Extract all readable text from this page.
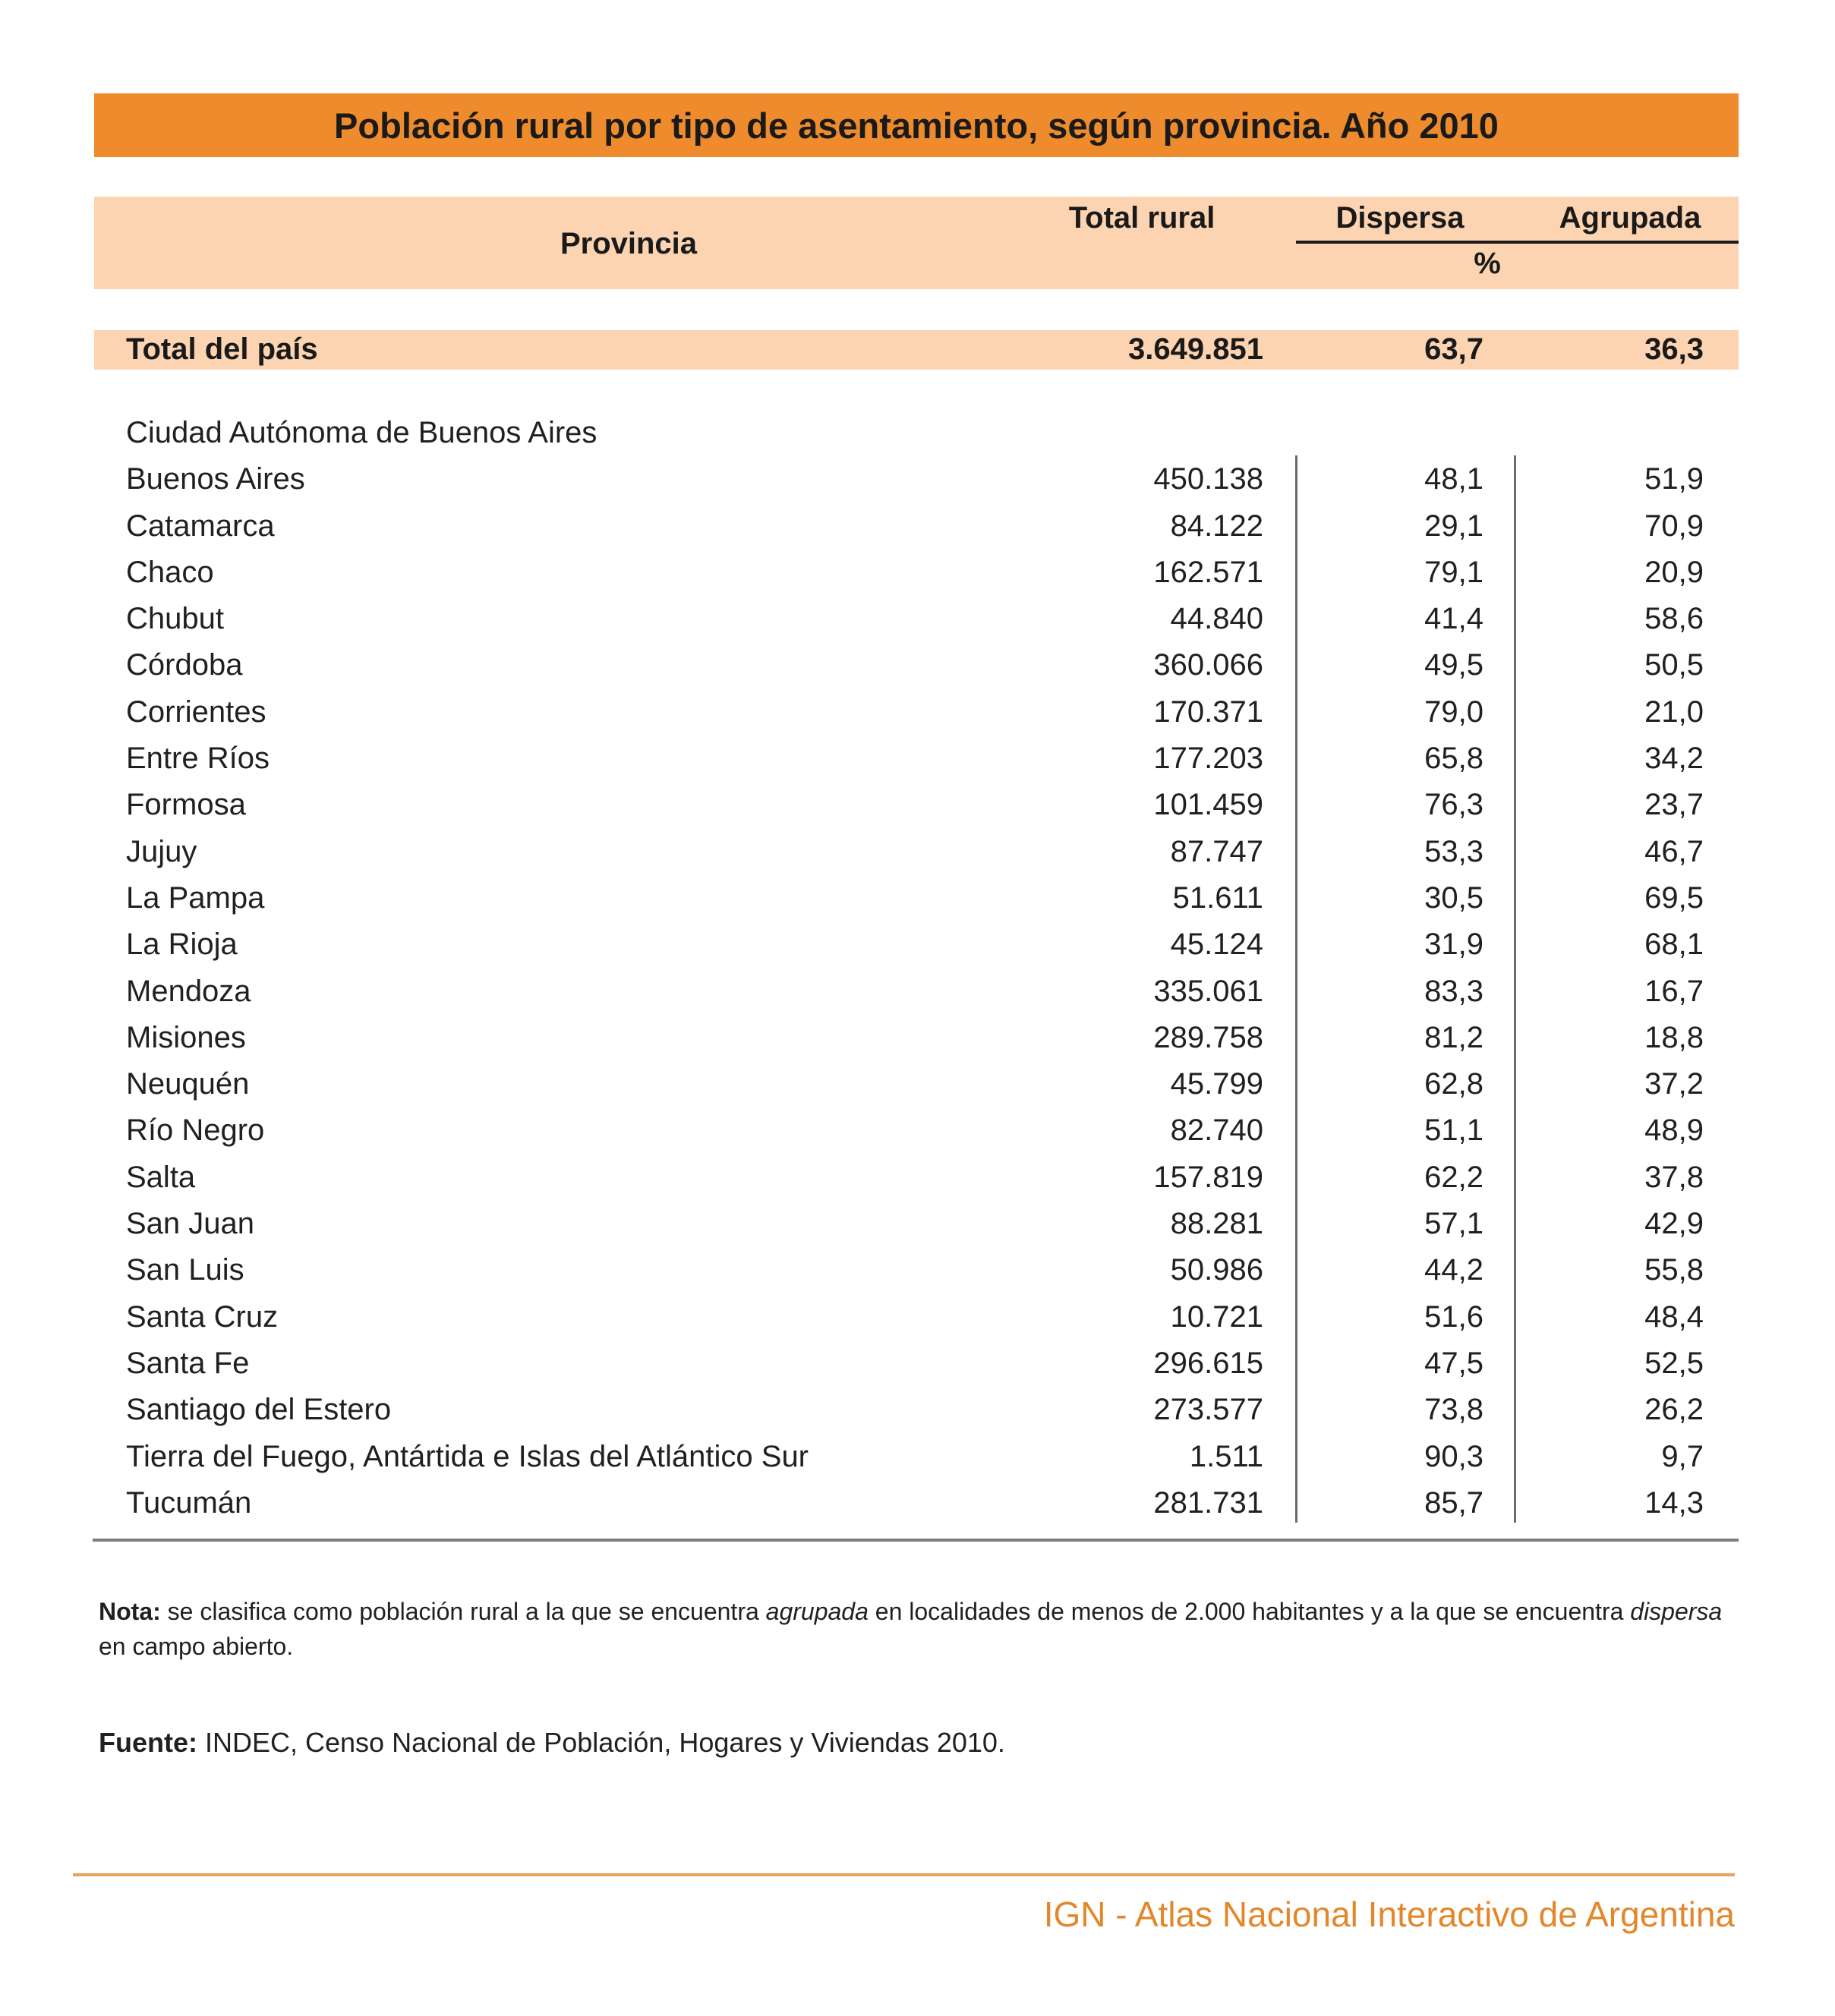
Población rural por tipo de asentamiento, según provincia. Año 2010
Provincia
Total rural	Dispersa	Agrupada
%
Total del país	3.649.851	63,7	36,3
Ciudad Autónoma de Buenos Aires
Buenos Aires	450.138	48,1	51,9
Catamarca	84.122	29,1	70,9
Chaco	162.571	79,1	20,9
Chubut	44.840	41,4	58,6
Córdoba	360.066	49,5	50,5
Corrientes	170.371	79,0	21,0
Entre Ríos	177.203	65,8	34,2
Formosa	101.459	76,3	23,7
Jujuy	87.747	53,3	46,7
La Pampa	51.611	30,5	69,5
La Rioja	45.124	31,9	68,1
Mendoza	335.061	83,3	16,7
Misiones	289.758	81,2	18,8
Neuquén	45.799	62,8	37,2
Río Negro	82.740	51,1	48,9
Salta	157.819	62,2	37,8
San Juan	88.281	57,1	42,9
San Luis	50.986	44,2	55,8
Santa Cruz	10.721	51,6	48,4
Santa Fe	296.615	47,5	52,5
Santiago del Estero	273.577	73,8	26,2
Tierra del Fuego, Antártida e Islas del Atlántico Sur	1.511	90,3	9,7
Tucumán	281.731	85,7	14,3
Nota: se clasifica como población rural a la que se encuentra agrupada en localidades de menos de 2.000 habitantes y a la que se encuentra dispersa en campo abierto.
Fuente: INDEC, Censo Nacional de Población, Hogares y Viviendas 2010.
IGN - Atlas Nacional Interactivo de Argentina
